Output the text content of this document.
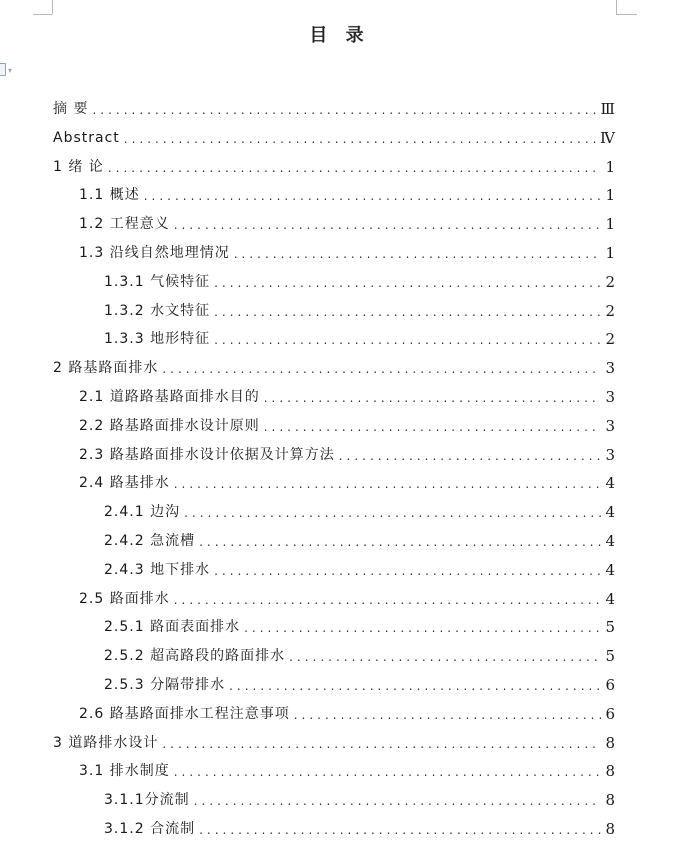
▾
目 录
摘 要 .....	Ⅲ
Abstract .....	Ⅳ
1 绪 论 .....	1
1.1 概述 .....	1
1.2 工程意义 .....	1
1.3 沿线自然地理情况 .....	1
1.3.1 气候特征 .....	2
1.3.2 水文特征 .....	2
1.3.3 地形特征 .....	2
2 路基路面排水 .....	3
2.1 道路路基路面排水目的 .....	3
2.2 路基路面排水设计原则 .....	3
2.3 路基路面排水设计依据及计算方法 .....	3
2.4 路基排水 .....	4
2.4.1 边沟 .....	4
2.4.2 急流槽 .....	4
2.4.3 地下排水 .....	4
2.5 路面排水 .....	4
2.5.1 路面表面排水 .....	5
2.5.2 超高路段的路面排水 .....	5
2.5.3 分隔带排水 .....	6
2.6 路基路面排水工程注意事项 .....	6
3 道路排水设计 .....	8
3.1 排水制度 .....	8
3.1.1分流制 .....	8
3.1.2 合流制 .....	8
